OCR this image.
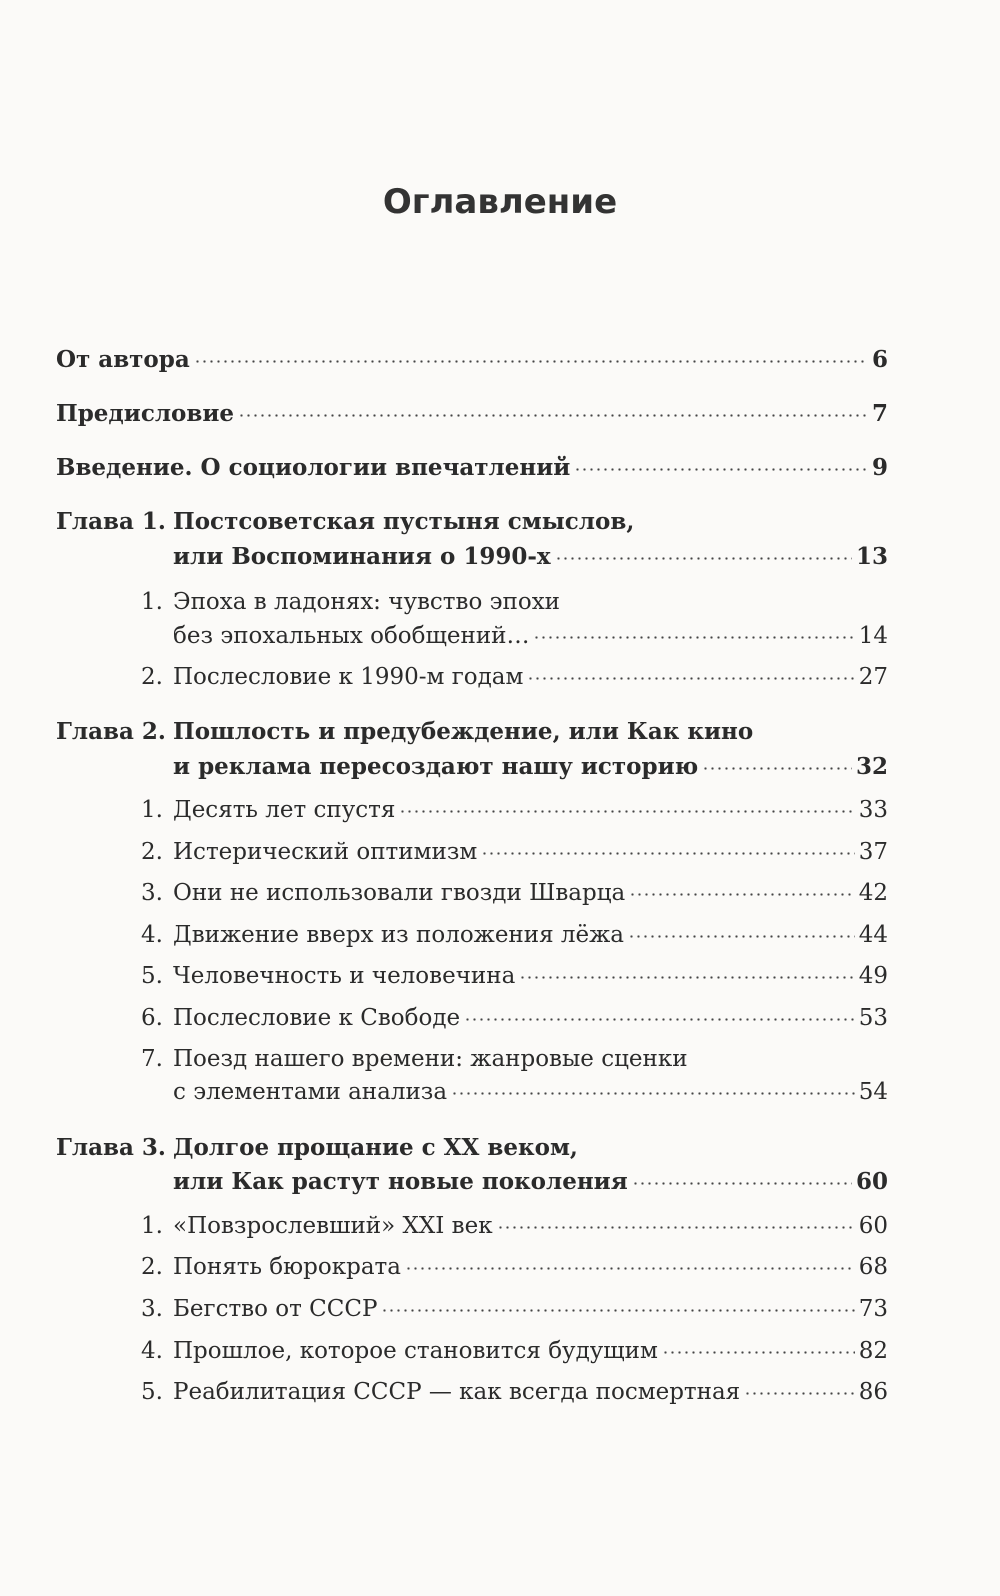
Оглавление
От автора	6
Предисловие	7
Введение. О социологии впечатлений	9
Глава 1. Постсоветская пустыня смыслов,
или Воспоминания о 1990-х	13
1. Эпоха в ладонях: чувство эпохи
без эпохальных обобщений…	14
2. Послесловие к 1990-м годам	27
Глава 2. Пошлость и предубеждение, или Как кино
и реклама пересоздают нашу историю	32
1. Десять лет спустя	33
2. Истерический оптимизм	37
3. Они не использовали гвозди Шварца	42
4. Движение вверх из положения лёжа	44
5. Человечность и человечина	49
6. Послесловие к Свободе	53
7. Поезд нашего времени: жанровые сценки
с элементами анализа	54
Глава 3. Долгое прощание с XX веком,
или Как растут новые поколения	60
1. «Повзрослевший» XXI век	60
2. Понять бюрократа	68
3. Бегство от СССР	73
4. Прошлое, которое становится будущим	82
5. Реабилитация СССР — как всегда посмертная	86
